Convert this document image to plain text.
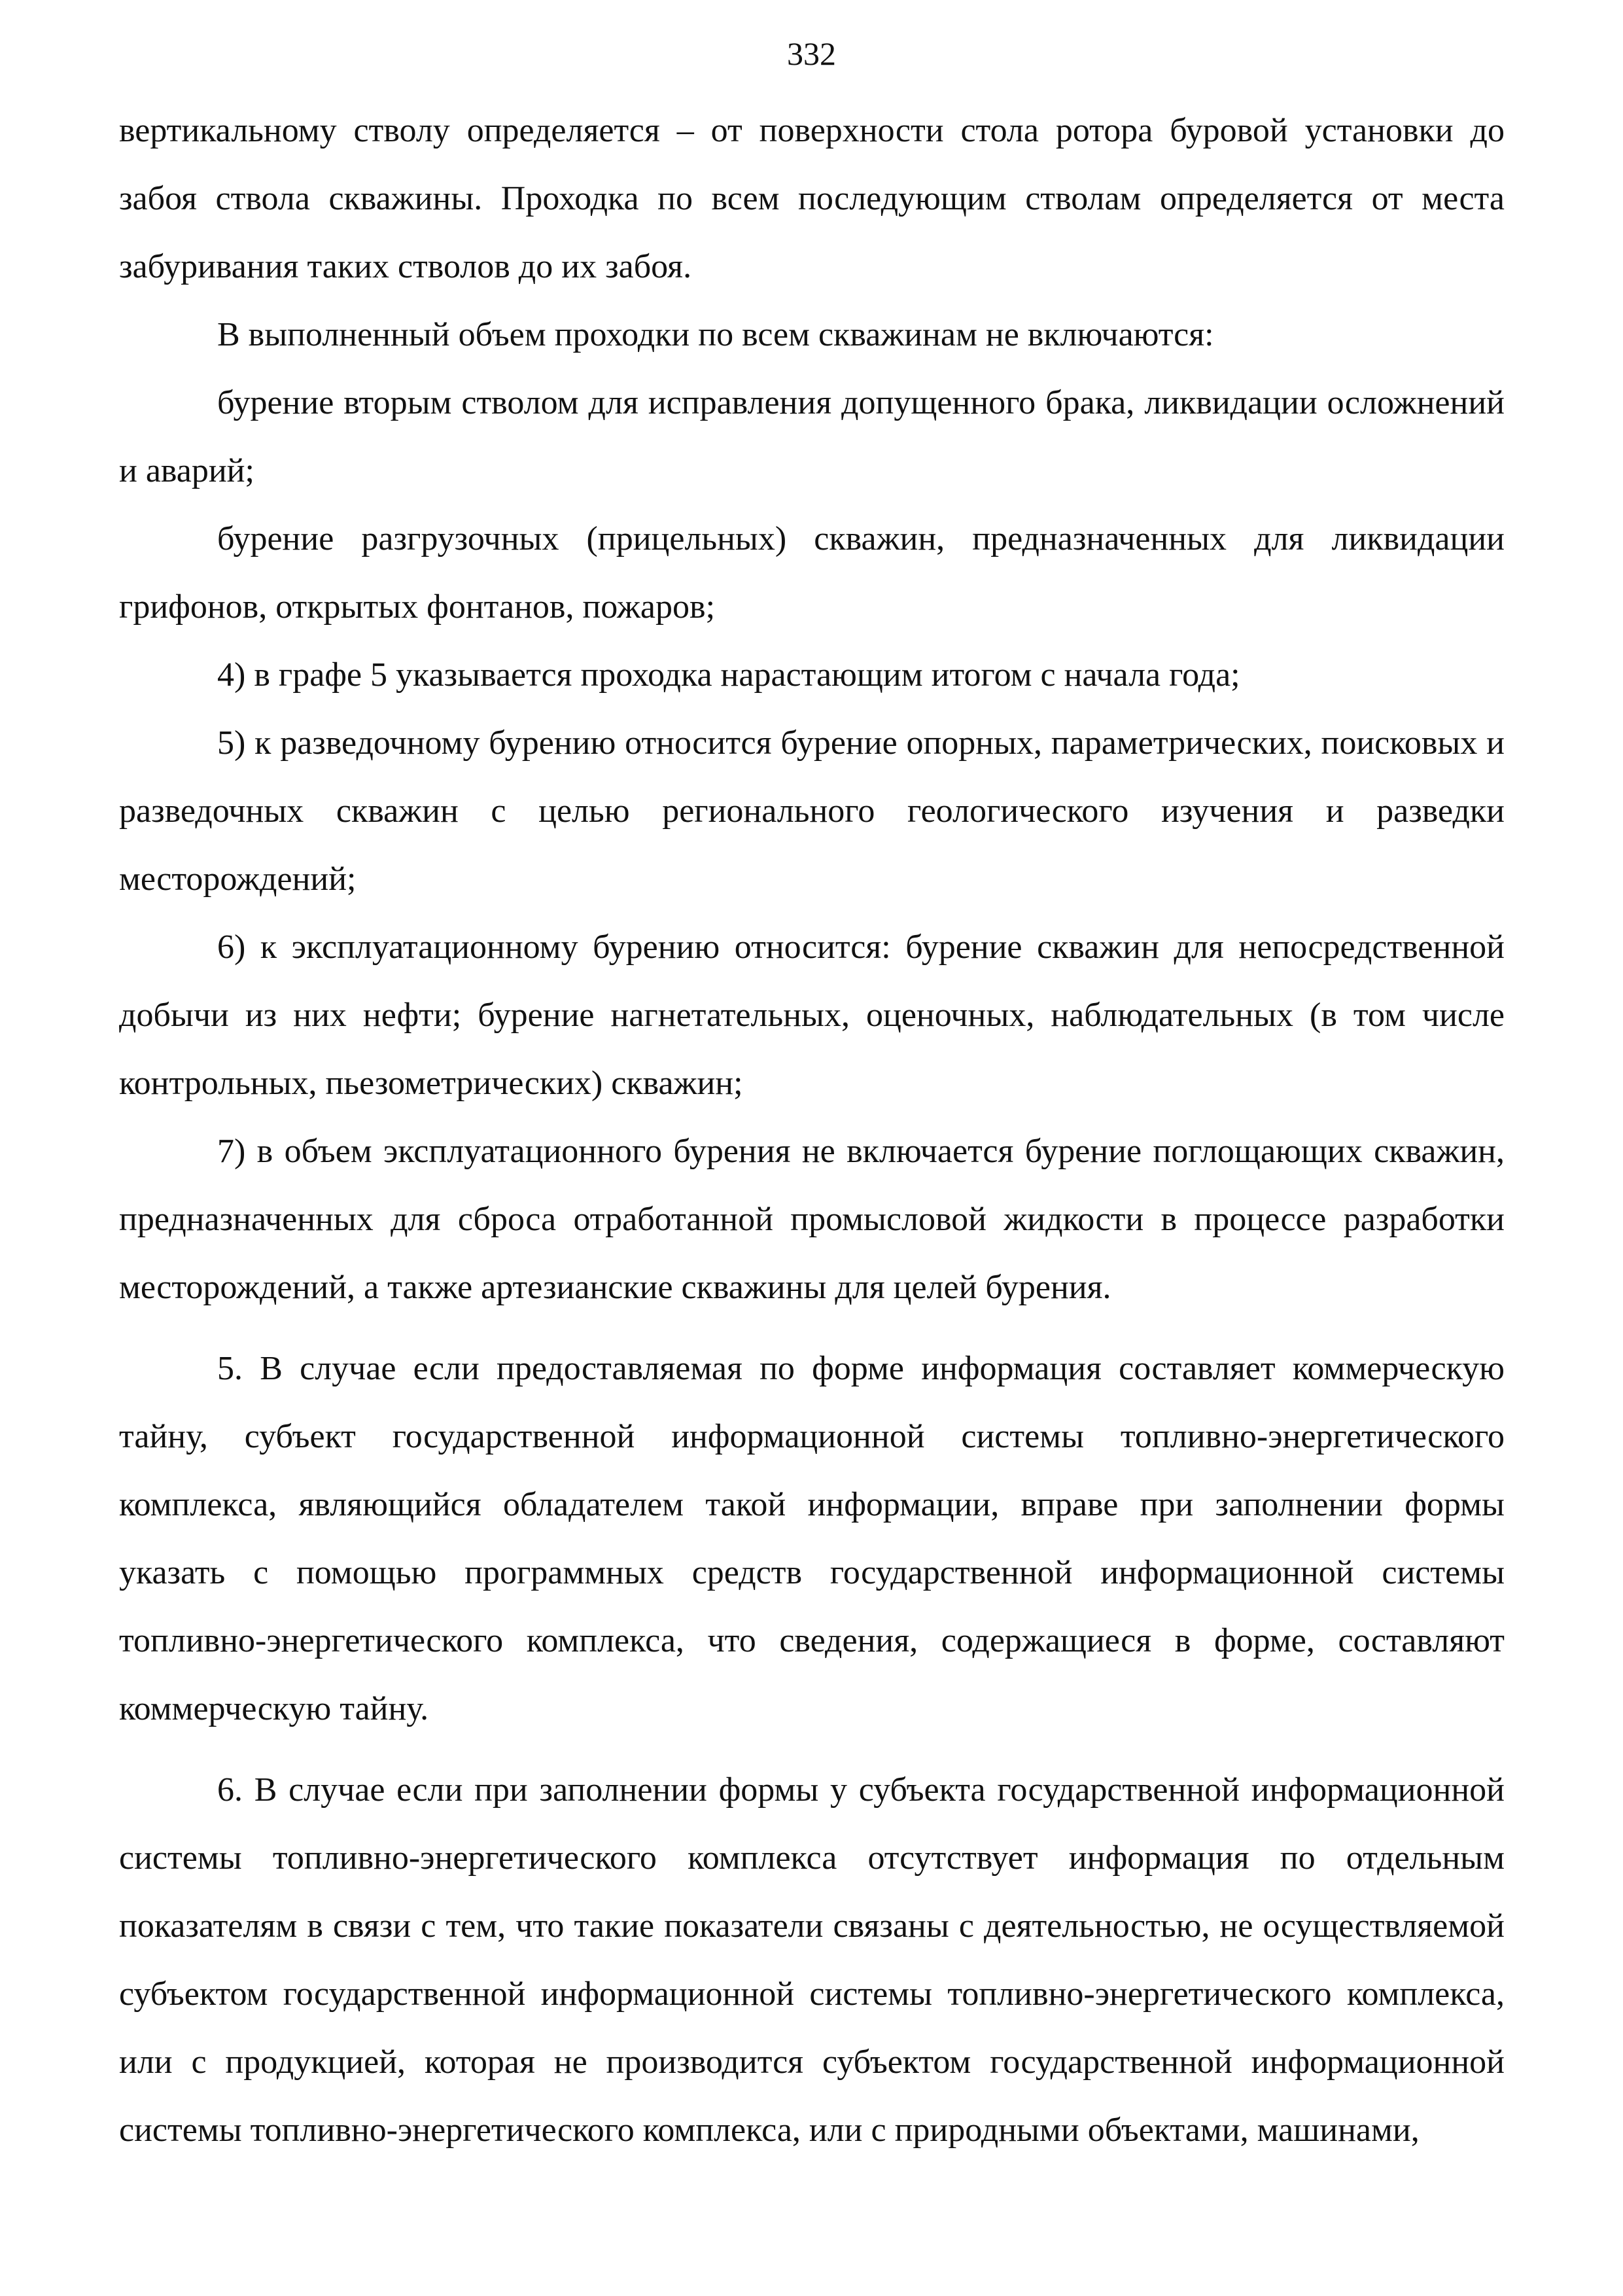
332

вертикальному стволу определяется – от поверхности стола ротора буровой установки до забоя ствола скважины. Проходка по всем последующим стволам определяется от места забуривания таких стволов до их забоя.

В выполненный объем проходки по всем скважинам не включаются:

бурение вторым стволом для исправления допущенного брака, ликвидации осложнений и аварий;

бурение разгрузочных (прицельных) скважин, предназначенных для ликвидации грифонов, открытых фонтанов, пожаров;

4) в графе 5 указывается проходка нарастающим итогом с начала года;

5) к разведочному бурению относится бурение опорных, параметрических, поисковых и разведочных скважин с целью регионального геологического изучения и разведки месторождений;

6) к эксплуатационному бурению относится: бурение скважин для непосредственной добычи из них нефти; бурение нагнетательных, оценочных, наблюдательных (в том числе контрольных, пьезометрических) скважин;

7) в объем эксплуатационного бурения не включается бурение поглощающих скважин, предназначенных для сброса отработанной промысловой жидкости в процессе разработки месторождений, а также артезианские скважины для целей бурения.

5. В случае если предоставляемая по форме информация составляет коммерческую тайну, субъект государственной информационной системы топливно-энергетического комплекса, являющийся обладателем такой информации, вправе при заполнении формы указать с помощью программных средств государственной информационной системы топливно-энергетического комплекса, что сведения, содержащиеся в форме, составляют коммерческую тайну.

6. В случае если при заполнении формы у субъекта государственной информационной системы топливно-энергетического комплекса отсутствует информация по отдельным показателям в связи с тем, что такие показатели связаны с деятельностью, не осуществляемой субъектом государственной информационной системы топливно-энергетического комплекса, или с продукцией, которая не производится субъектом государственной информационной системы топливно-энергетического комплекса, или с природными объектами, машинами,
